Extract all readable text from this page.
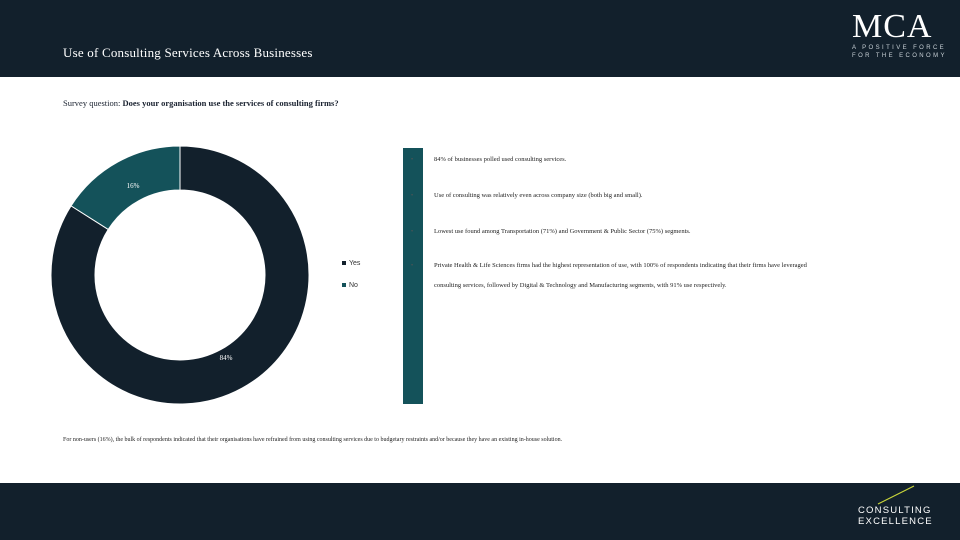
Use of Consulting Services Across Businesses
MCA
A POSITIVE FORCE
FOR THE ECONOMY
Survey question: Does your organisation use the services of consulting firms?
84%
16%
Yes
No
•	84% of businesses polled used consulting services.
•	Use of consulting was relatively even across company size (both big and small).
•	Lowest use found among Transportation (71%) and Government & Public Sector (75%) segments.
•	Private Health & Life Sciences firms had the highest representation of use, with 100% of respondents indicating that their firms have leveraged consulting services, followed by Digital & Technology and Manufacturing segments, with 91% use respectively.
For non-users (16%), the bulk of respondents indicated that their organisations have refrained from using consulting services due to budgetary restraints and/or because they have an existing in-house solution.
CONSULTING
EXCELLENCE
